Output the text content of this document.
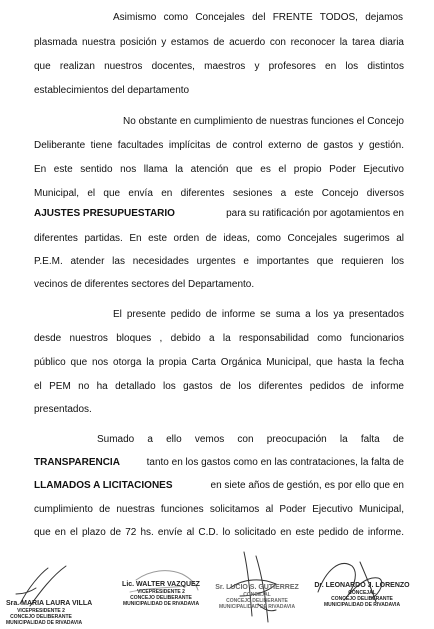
Asimismo como Concejales del FRENTE TODOS, dejamos
plasmada nuestra posición y estamos de acuerdo con reconocer la tarea diaria
que realizan nuestros docentes, maestros y profesores en los distintos
establecimientos del departamento
No obstante en cumplimiento de nuestras funciones el Concejo
Deliberante tiene facultades implícitas de control externo de gastos y gestión.
En este sentido nos llama la atención que es el propio Poder Ejecutivo
Municipal, el que envía en diferentes sesiones a este Concejo diversos
AJUSTES PRESUPUESTARIO	para su ratificación por agotamientos en
diferentes partidas. En este orden de ideas, como Concejales sugerimos al
P.E.M. atender las necesidades urgentes e importantes que requieren los
vecinos de diferentes sectores del Departamento.
El presente pedido de informe se suma a los ya presentados
desde nuestros bloques , debido a la responsabilidad como funcionarios
público que nos otorga la propia Carta Orgánica Municipal, que hasta la fecha
el PEM no ha detallado los gastos de los diferentes pedidos de informe
presentados.
Sumado a ello vemos con preocupación la falta de
TRANSPARENCIA	tanto en los gastos como en las contrataciones, la falta de
LLAMADOS A LICITACIONES	en siete años de gestión, es por ello que en
cumplimiento de nuestras funciones solicitamos al Poder Ejecutivo Municipal,
que en el plazo de 72 hs. envíe al C.D. lo solicitado en este pedido de informe.
Sra. MARIA LAURA VILLA
VICEPRESIDENTE 2
CONCEJO DELIBERANTE
MUNICIPALIDAD DE RIVADAVIA
Lic. WALTER VAZQUEZ
VICEPRESIDENTE 2
CONCEJO DELIBERANTE
MUNICIPALIDAD DE RIVADAVIA
Sr. LUCIO S. GUTIERREZ
CONCEJAL
CONCEJO DELIBERANTE
MUNICIPALIDAD DE RIVADAVIA
Dr. LEONARDO J. LORENZO
CONCEJAL
CONCEJO DELIBERANTE
MUNICIPALIDAD DE RIVADAVIA
